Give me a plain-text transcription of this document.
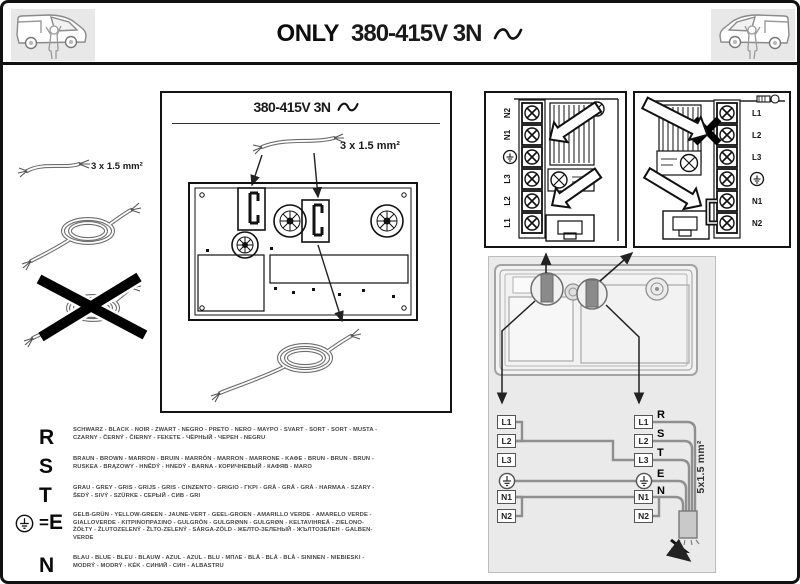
ONLY 380-415V 3N
3 x 1.5 mm²
380-415V 3N
3 x 1.5 mm²
N2
N1
L3
L2
L1
L1
L2
L3
N1
N2
L1
L2
L3
N1
N2
L1
L2
L3
N1
N2
R
S
T
E
N	5x1.5 mm²
R	SCHWARZ - BLACK - NOIR - ZWART - NEGRO - PRETO - NERO - ΜΑΥΡΟ - SVART - SORT - SORT - MUSTA - CZARNY - ČERNÝ - ČIERNY - FEKETE - ЧЁРНЫЙ - ЧЕРЕН - NEGRU
S	BRAUN - BROWN - MARRON - BRUIN - MARRÓN - MARRON - MARRONE - ΚΑΦΕ - BRUN - BRUN - BRUN - RUSKEA - BRĄZOWY - HNĚDÝ - HNEDÝ - BARNA - КОРИЧНЕВЫЙ - КАФЯВ - MARO
T	GRAU - GREY - GRIS - GRIJS - GRIS - CINZENTO - GRIGIO - ΓΚΡΙ - GRÅ - GRÅ - GRÅ - HARMAA - SZARY - ŠEDÝ - SIVÝ - SZÜRKE - СЕРЫЙ - СИВ - GRI
= E GELB-GRÜN - YELLOW-GREEN - JAUNE-VERT - GEEL-GROEN - AMARILLO VERDE - AMARELO VERDE - GIALLOVERDE - ΚΙΤΡΙΝΟΠΡΑΣΙΝΟ - GULGRÖN - GULGRØNN - GULGRØN - KELTAVIHREÄ - ZIELONO-ŻÓŁTY - ŽLUTOZELENÝ - ŽLTO-ZELENÝ - SÁRGA-ZÖLD - ЖЕЛТО-ЗЕЛЕНЫЙ - ЖЪЛТОЗЕЛЕН - GALBEN-VERDE
N	BLAU - BLUE - BLEU - BLAUW - AZUL - AZUL - BLU - ΜΠΛΕ - BLÅ - BLÅ - BLÅ - SININEN - NIEBIESKI - MODRÝ - MODRÝ - KÉK - СИНИЙ - СИН - ALBASTRU
